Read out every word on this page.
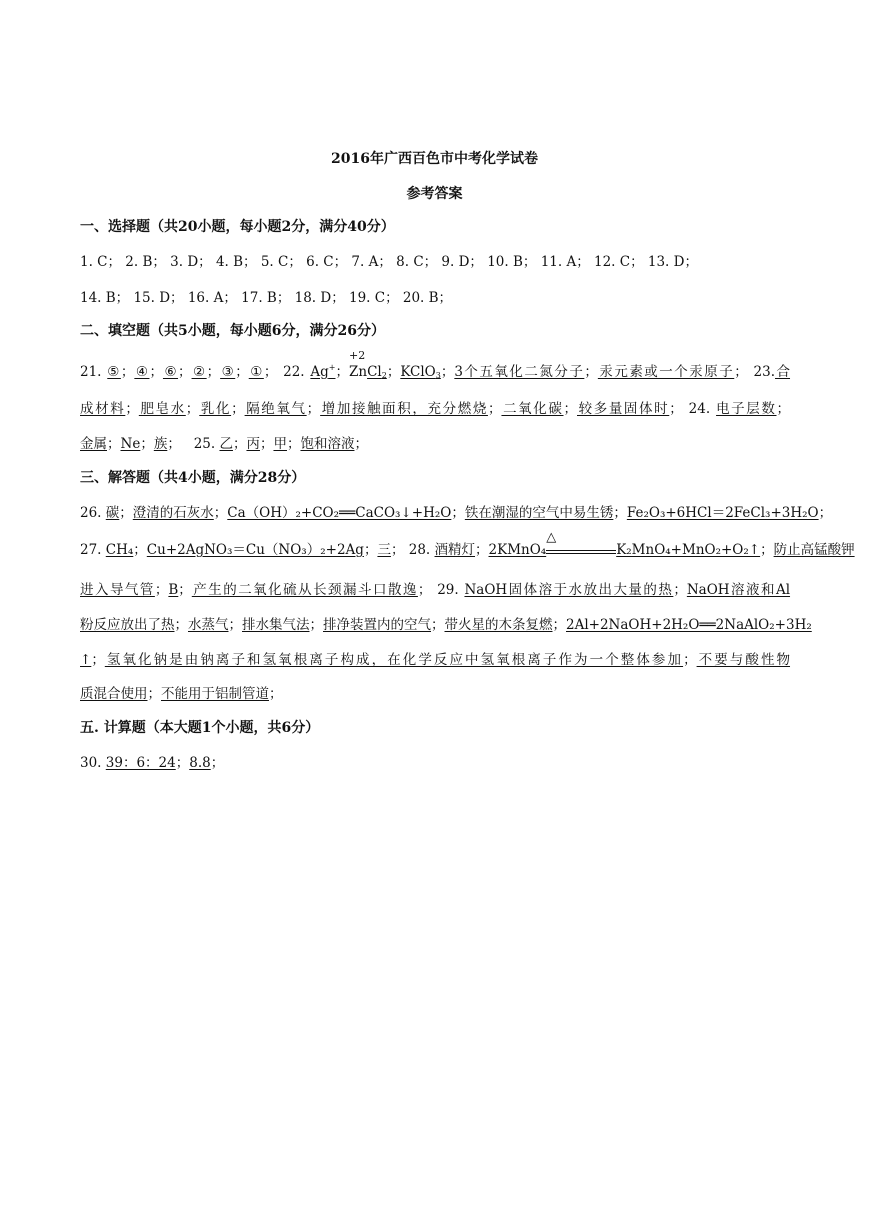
2016年广西百色市中考化学试卷
参考答案
一、选择题（共20小题，每小题2分，满分40分）
1. C； 2. B； 3. D； 4. B； 5. C； 6. C； 7. A； 8. C； 9. D； 10. B； 11. A； 12. C； 13. D；
14. B； 15. D； 16. A； 17. B； 18. D； 19. C； 20. B；
二、填空题（共5小题，每小题6分，满分26分）
21. ⑤；④；⑥；②；③；①； 22. Ag+；
+2
ZnCl$_2$；KClO$_3$；3个五氧化二氮分子；汞元素或一个汞原子； 23.合
成材料；肥皂水；乳化；隔绝氧气；增加接触面积，充分燃烧；二氧化碳；较多量固体时； 24. 电子层数；
金属；Ne；族；   25. 乙；丙；甲；饱和溶液；
三、解答题（共4小题，满分28分）
26. 碳；澄清的石灰水；Ca（OH）₂+CO₂══CaCO₃↓+H₂O；铁在潮湿的空气中易生锈；Fe₂O₃+6HCl＝2FeCl₃+3H₂O；
27. CH₄；Cu+2AgNO₃＝Cu（NO₃）₂+2Ag；三； 28. 酒精灯；2KMnO₄
△
K₂MnO₄+MnO₂+O₂↑；防止高锰酸钾
进入导气管；B；产生的二氧化硫从长颈漏斗口散逸； 29. NaOH固体溶于水放出大量的热；NaOH溶液和Al
粉反应放出了热；水蒸气；排水集气法；排净装置内的空气；带火星的木条复燃；2Al+2NaOH+2H₂O══2NaAlO₂+3H₂
↑；氢氧化钠是由钠离子和氢氧根离子构成，在化学反应中氢氧根离子作为一个整体参加；不要与酸性物
质混合使用；不能用于铝制管道；
五. 计算题（本大题1个小题，共6分）
30. 39：6：24；8.8；
